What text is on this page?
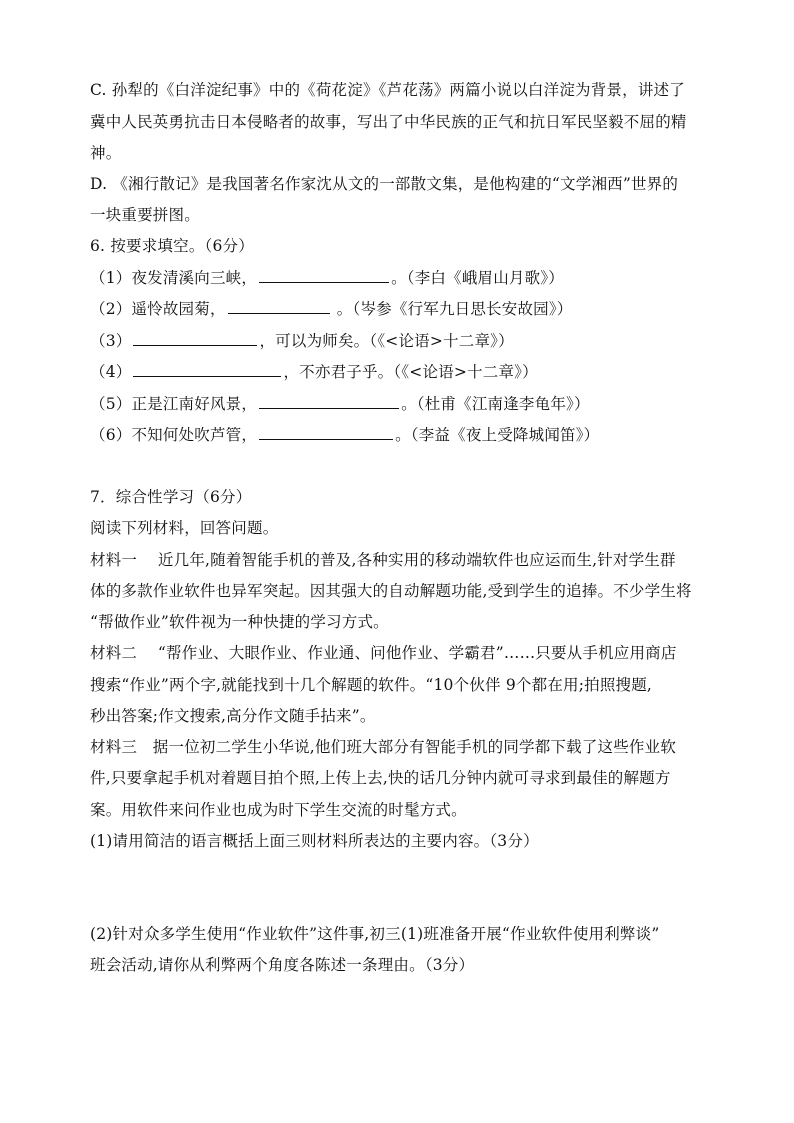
C. 孙犁的《白洋淀纪事》中的《荷花淀》《芦花荡》两篇小说以白洋淀为背景，讲述了
冀中人民英勇抗击日本侵略者的故事，写出了中华民族的正气和抗日军民坚毅不屈的精
神。
D. 《湘行散记》是我国著名作家沈从文的一部散文集，是他构建的“文学湘西”世界的
一块重要拼图。
6. 按要求填空。（6分）
（1）夜发清溪向三峡，	。（李白《峨眉山月歌》）
（2）遥怜故园菊，	。（岑参《行军九日思长安故园》）
（3）	，可以为师矣。（《<论语>十二章》）
（4）	，不亦君子乎。（《<论语>十二章》）
（5）正是江南好风景，	。（杜甫《江南逢李龟年》）
（6）不知何处吹芦管，	。（李益《夜上受降城闻笛》）
7．综合性学习（6分）
阅读下列材料，回答问题。
材料一　 近几年,随着智能手机的普及,各种实用的移动端软件也应运而生,针对学生群
体的多款作业软件也异军突起。因其强大的自动解题功能,受到学生的追捧。不少学生将
“帮做作业”软件视为一种快捷的学习方式。
材料二　 “帮作业、大眼作业、作业通、问他作业、学霸君”……只要从手机应用商店
搜索“作业”两个字,就能找到十几个解题的软件。“10个伙伴 9个都在用;拍照搜题,
秒出答案;作文搜索,高分作文随手拈来”。
材料三　据一位初二学生小华说,他们班大部分有智能手机的同学都下载了这些作业软
件,只要拿起手机对着题目拍个照,上传上去,快的话几分钟内就可寻求到最佳的解题方
案。用软件来问作业也成为时下学生交流的时髦方式。
(1)请用简洁的语言概括上面三则材料所表达的主要内容。（3分）
(2)针对众多学生使用“作业软件”这件事,初三(1)班准备开展“作业软件使用利弊谈”
班会活动,请你从利弊两个角度各陈述一条理由。（3分）
